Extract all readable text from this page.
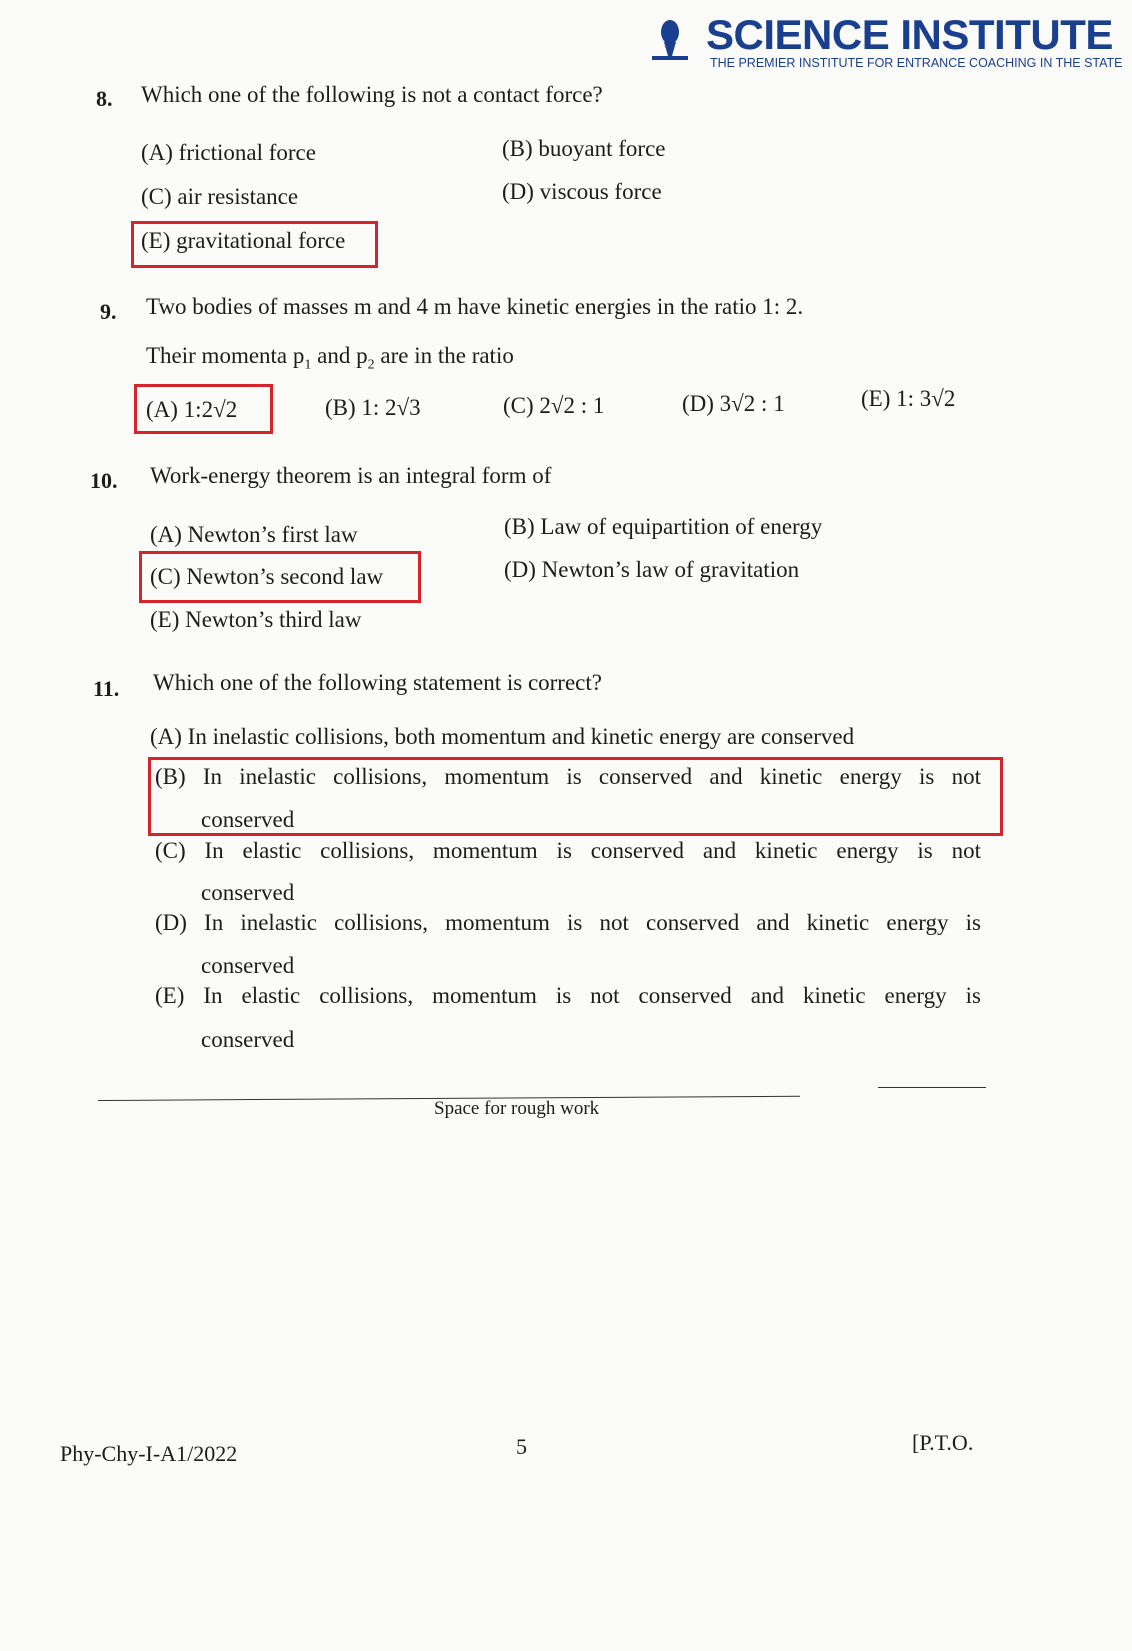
SCIENCE INSTITUTE
THE PREMIER INSTITUTE FOR ENTRANCE COACHING IN THE STATE
8. Which one of the following is not a contact force?
(A) frictional force	(B) buoyant force
(C) air resistance	(D) viscous force
(E) gravitational force
9. Two bodies of masses m and 4 m have kinetic energies in the ratio 1: 2.
Their momenta $p_1$ and $p_2$ are in the ratio
(A) 1:2√2	(B) 1: 2√3	(C) 2√2 : 1	(D) 3√2 : 1	(E) 1: 3√2
10. Work-energy theorem is an integral form of
(A) Newton’s first law	(B) Law of equipartition of energy
(C) Newton’s second law	(D) Newton’s law of gravitation
(E) Newton’s third law
11. Which one of the following statement is correct?
(A) In inelastic collisions, both momentum and kinetic energy are conserved
(B) In inelastic collisions, momentum is conserved and kinetic energy is not
conserved
(C) In elastic collisions, momentum is conserved and kinetic energy is not
conserved
(D) In inelastic collisions, momentum is not conserved and kinetic energy is
conserved
(E) In elastic collisions, momentum is not conserved and kinetic energy is
conserved
Space for rough work
Phy-Chy-I-A1/2022	5	[P.T.O.
